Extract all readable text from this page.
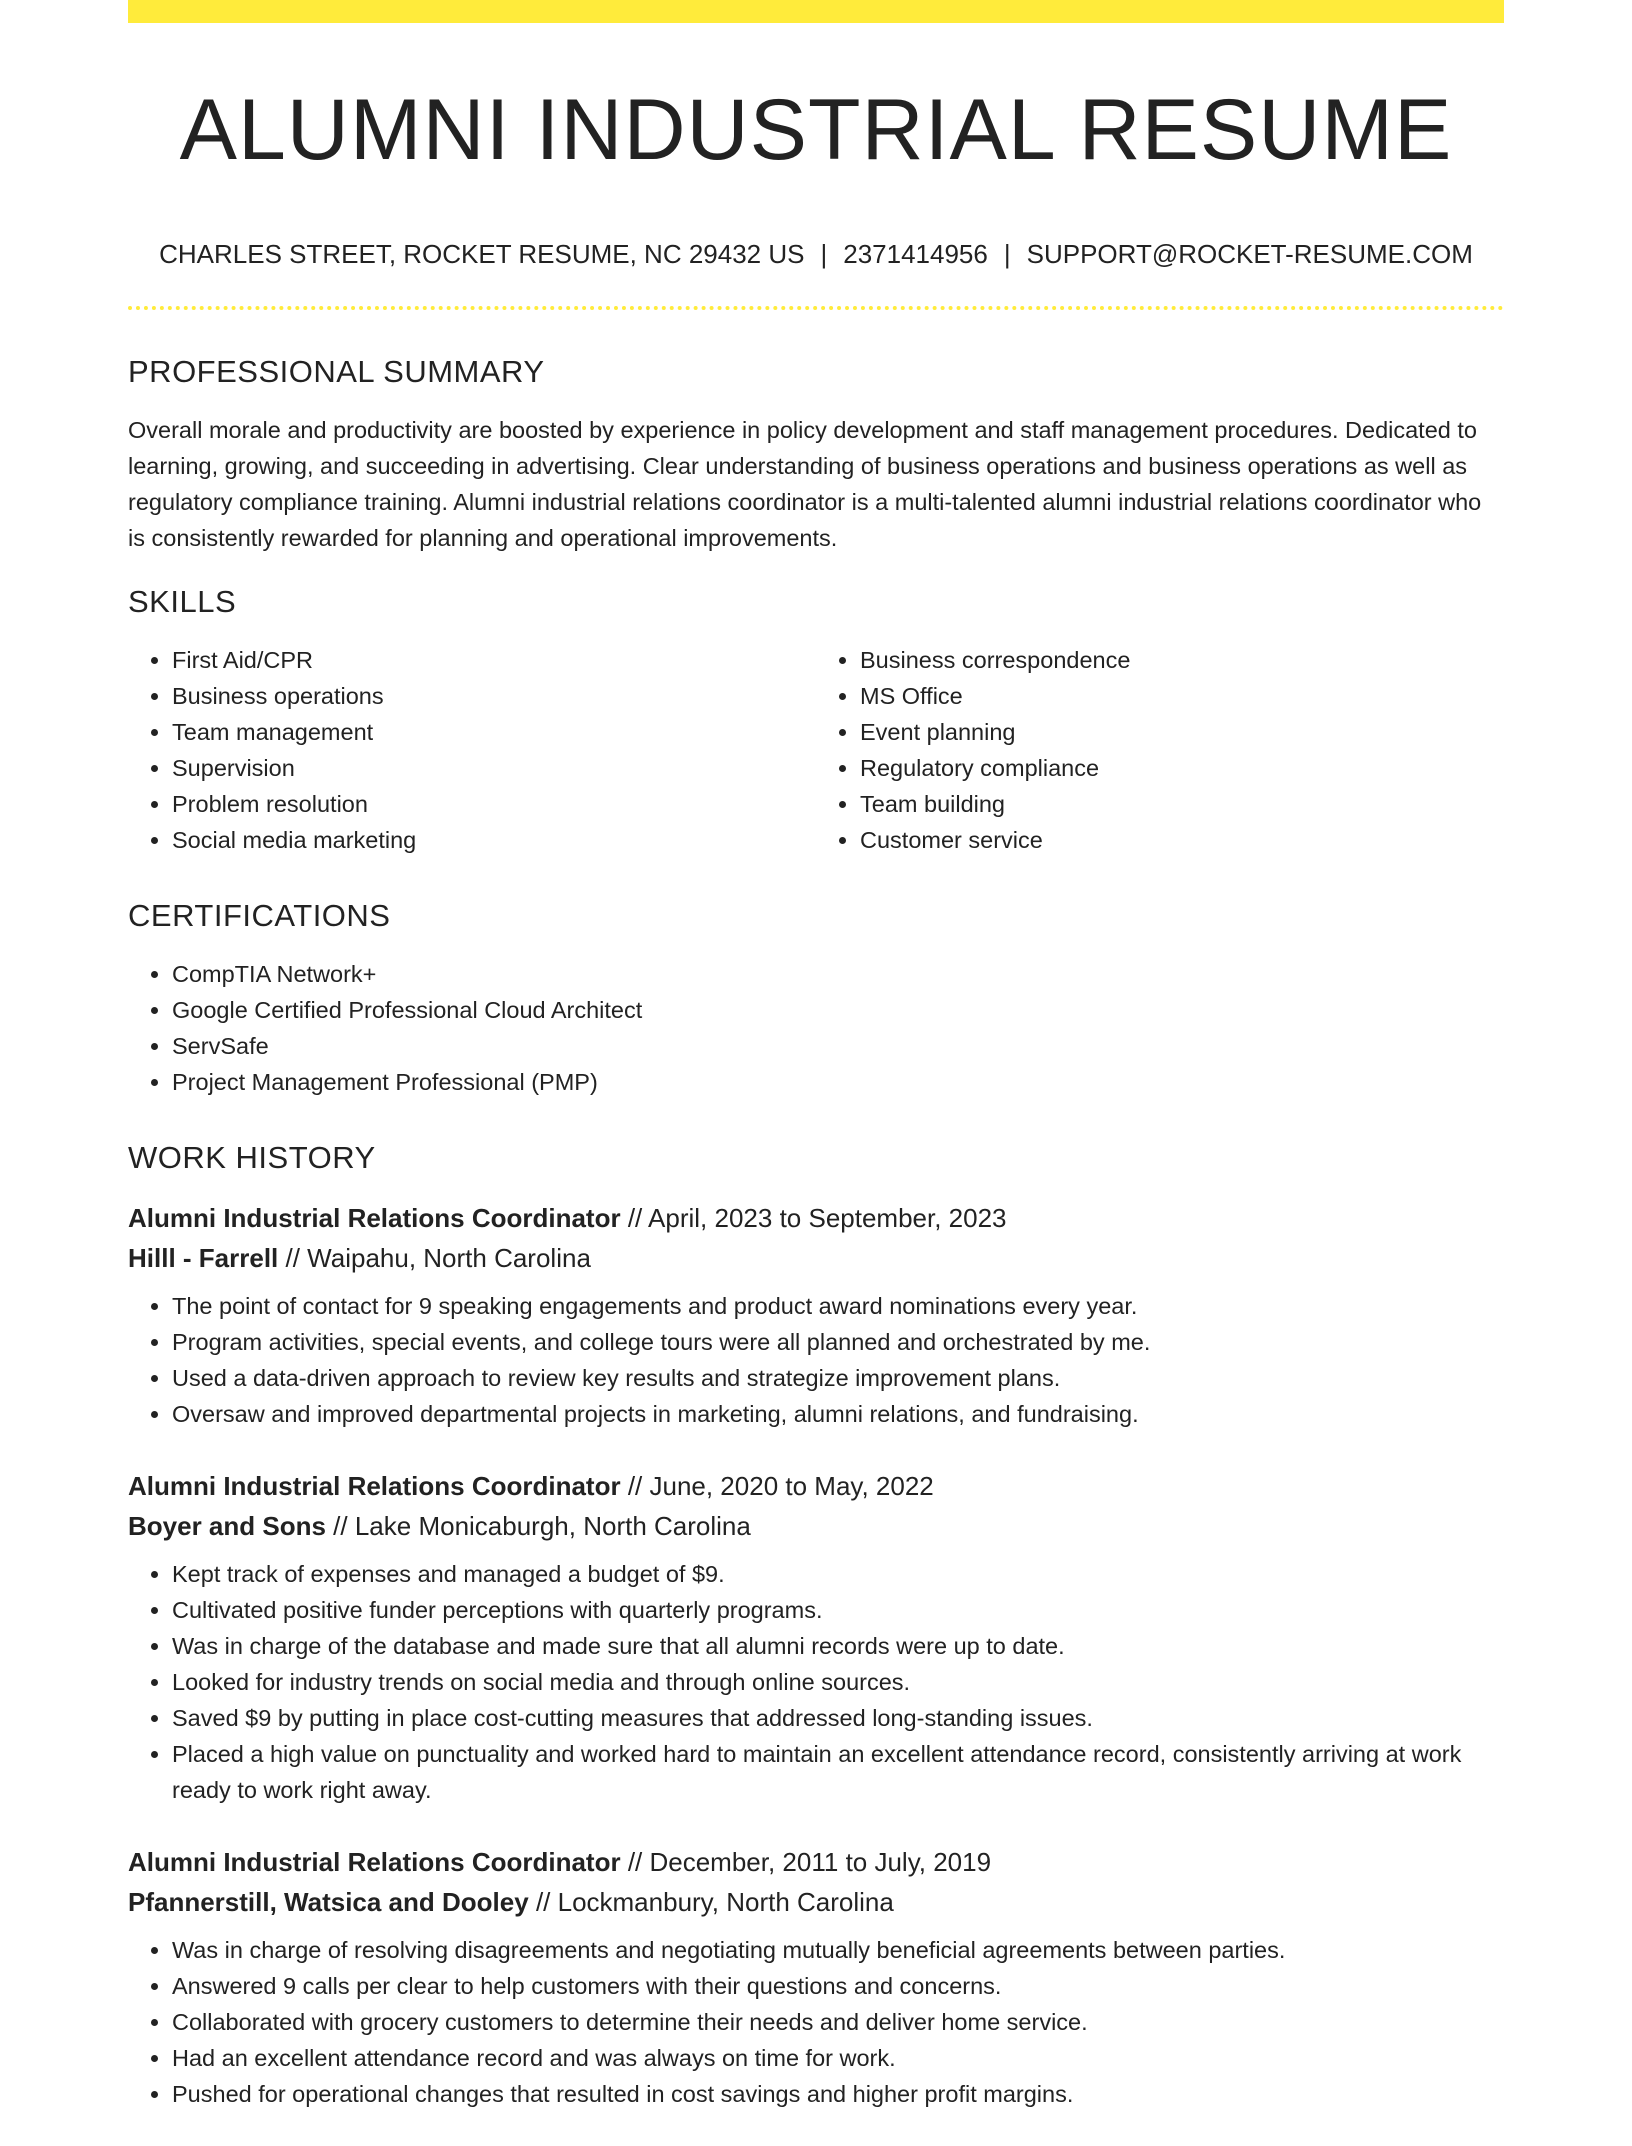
ALUMNI INDUSTRIAL RESUME
CHARLES STREET, ROCKET RESUME, NC 29432 US | 2371414956 | SUPPORT@ROCKET-RESUME.COM
PROFESSIONAL SUMMARY

Overall morale and productivity are boosted by experience in policy development and staff management procedures. Dedicated to learning, growing, and succeeding in advertising. Clear understanding of business operations and business operations as well as regulatory compliance training. Alumni industrial relations coordinator is a multi-talented alumni industrial relations coordinator who is consistently rewarded for planning and operational improvements.

SKILLS
• First Aid/CPR
• Business operations
• Team management
• Supervision
• Problem resolution
• Social media marketing
• Business correspondence
• MS Office
• Event planning
• Regulatory compliance
• Team building
• Customer service
CERTIFICATIONS
• CompTIA Network+
• Google Certified Professional Cloud Architect
• ServSafe
• Project Management Professional (PMP)
WORK HISTORY
Alumni Industrial Relations Coordinator // April, 2023 to September, 2023
Hilll - Farrell // Waipahu, North Carolina
• The point of contact for 9 speaking engagements and product award nominations every year.
• Program activities, special events, and college tours were all planned and orchestrated by me.
• Used a data-driven approach to review key results and strategize improvement plans.
• Oversaw and improved departmental projects in marketing, alumni relations, and fundraising.
Alumni Industrial Relations Coordinator // June, 2020 to May, 2022
Boyer and Sons // Lake Monicaburgh, North Carolina
• Kept track of expenses and managed a budget of $9.
• Cultivated positive funder perceptions with quarterly programs.
• Was in charge of the database and made sure that all alumni records were up to date.
• Looked for industry trends on social media and through online sources.
• Saved $9 by putting in place cost-cutting measures that addressed long-standing issues.
• Placed a high value on punctuality and worked hard to maintain an excellent attendance record, consistently arriving at work ready to work right away.
Alumni Industrial Relations Coordinator // December, 2011 to July, 2019
Pfannerstill, Watsica and Dooley // Lockmanbury, North Carolina
• Was in charge of resolving disagreements and negotiating mutually beneficial agreements between parties.
• Answered 9 calls per clear to help customers with their questions and concerns.
• Collaborated with grocery customers to determine their needs and deliver home service.
• Had an excellent attendance record and was always on time for work.
• Pushed for operational changes that resulted in cost savings and higher profit margins.
